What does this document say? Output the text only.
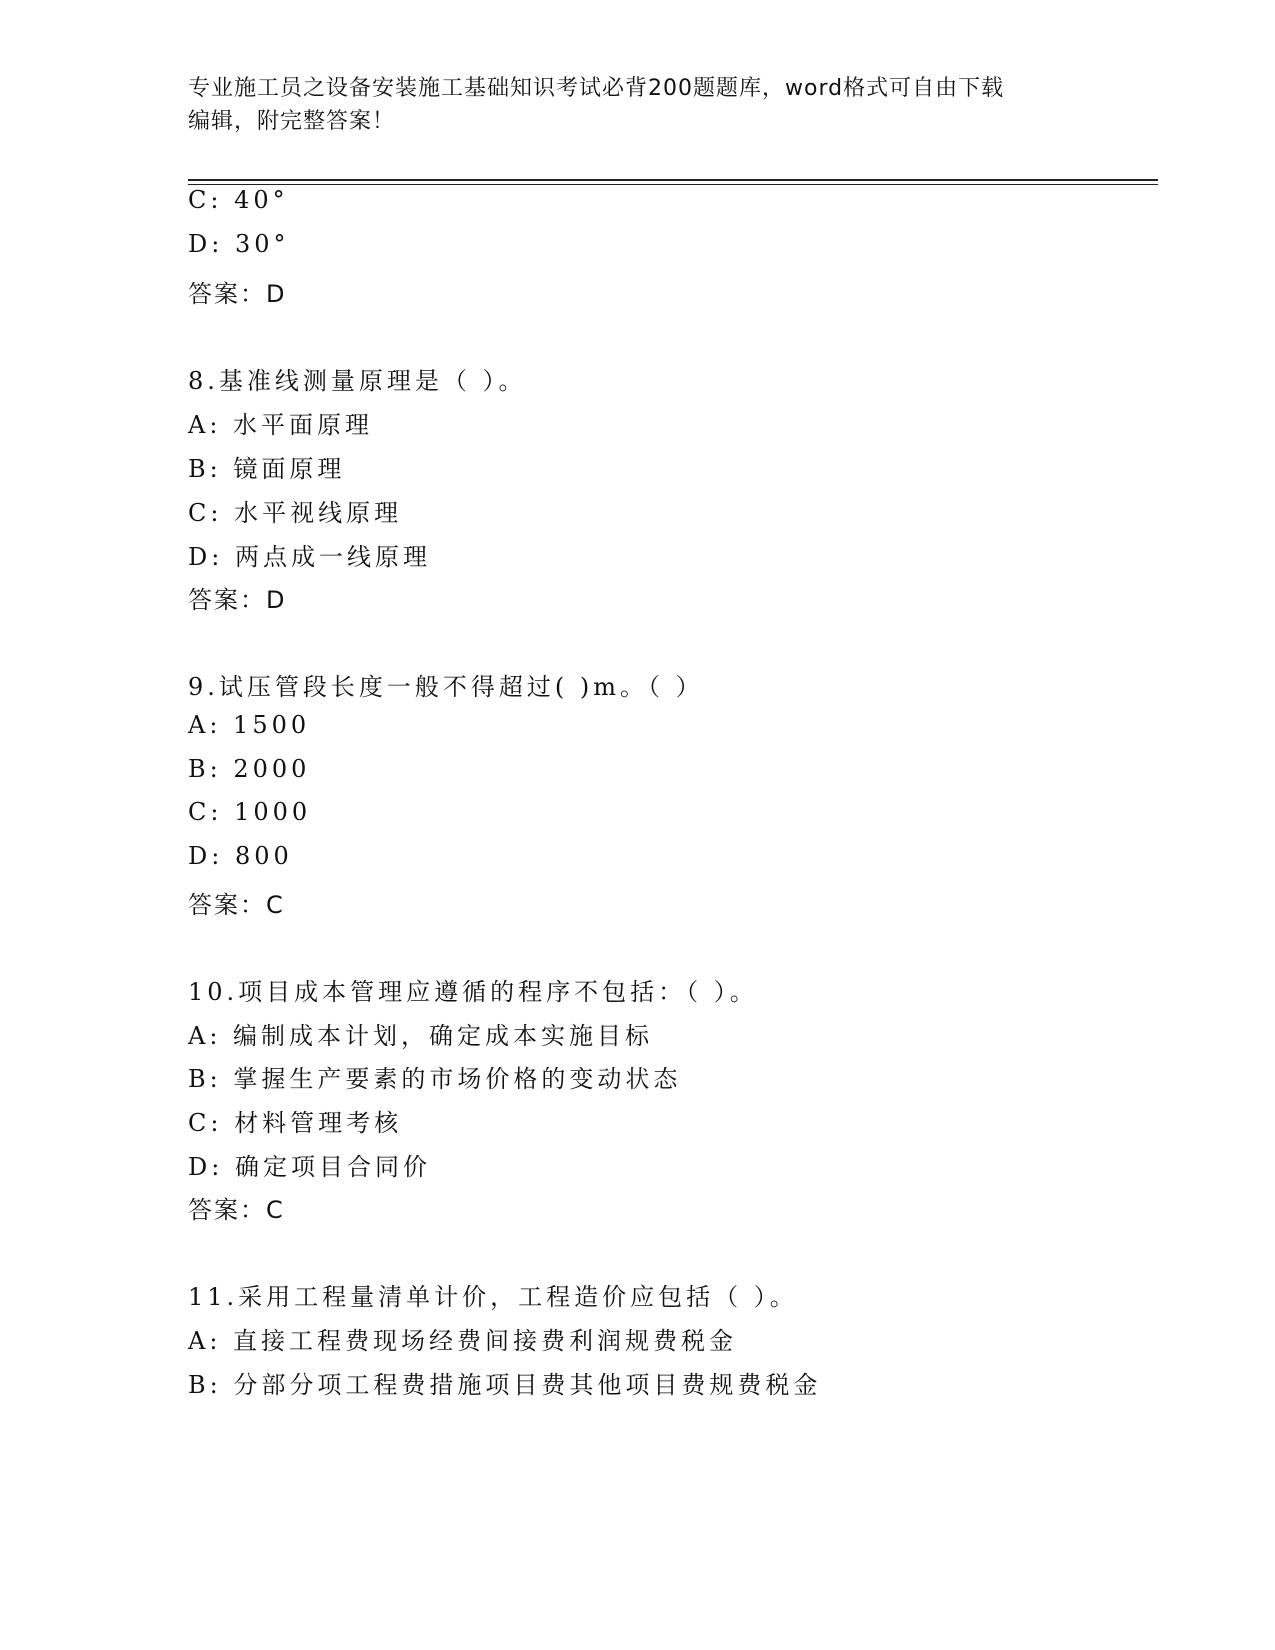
专业施工员之设备安装施工基础知识考试必背200题题库，word格式可自由下载
编辑，附完整答案！
C: 40°
D: 30°
答案：D
8.基准线测量原理是（ ）。
A: 水平面原理
B: 镜面原理
C: 水平视线原理
D: 两点成一线原理
答案：D
9.试压管段长度一般不得超过( )m。（ ）
A: 1500
B: 2000
C: 1000
D: 800
答案：C
10.项目成本管理应遵循的程序不包括：（ ）。
A: 编制成本计划，确定成本实施目标
B: 掌握生产要素的市场价格的变动状态
C: 材料管理考核
D: 确定项目合同价
答案：C
11.采用工程量清单计价，工程造价应包括（ ）。
A: 直接工程费现场经费间接费利润规费税金
B: 分部分项工程费措施项目费其他项目费规费税金
